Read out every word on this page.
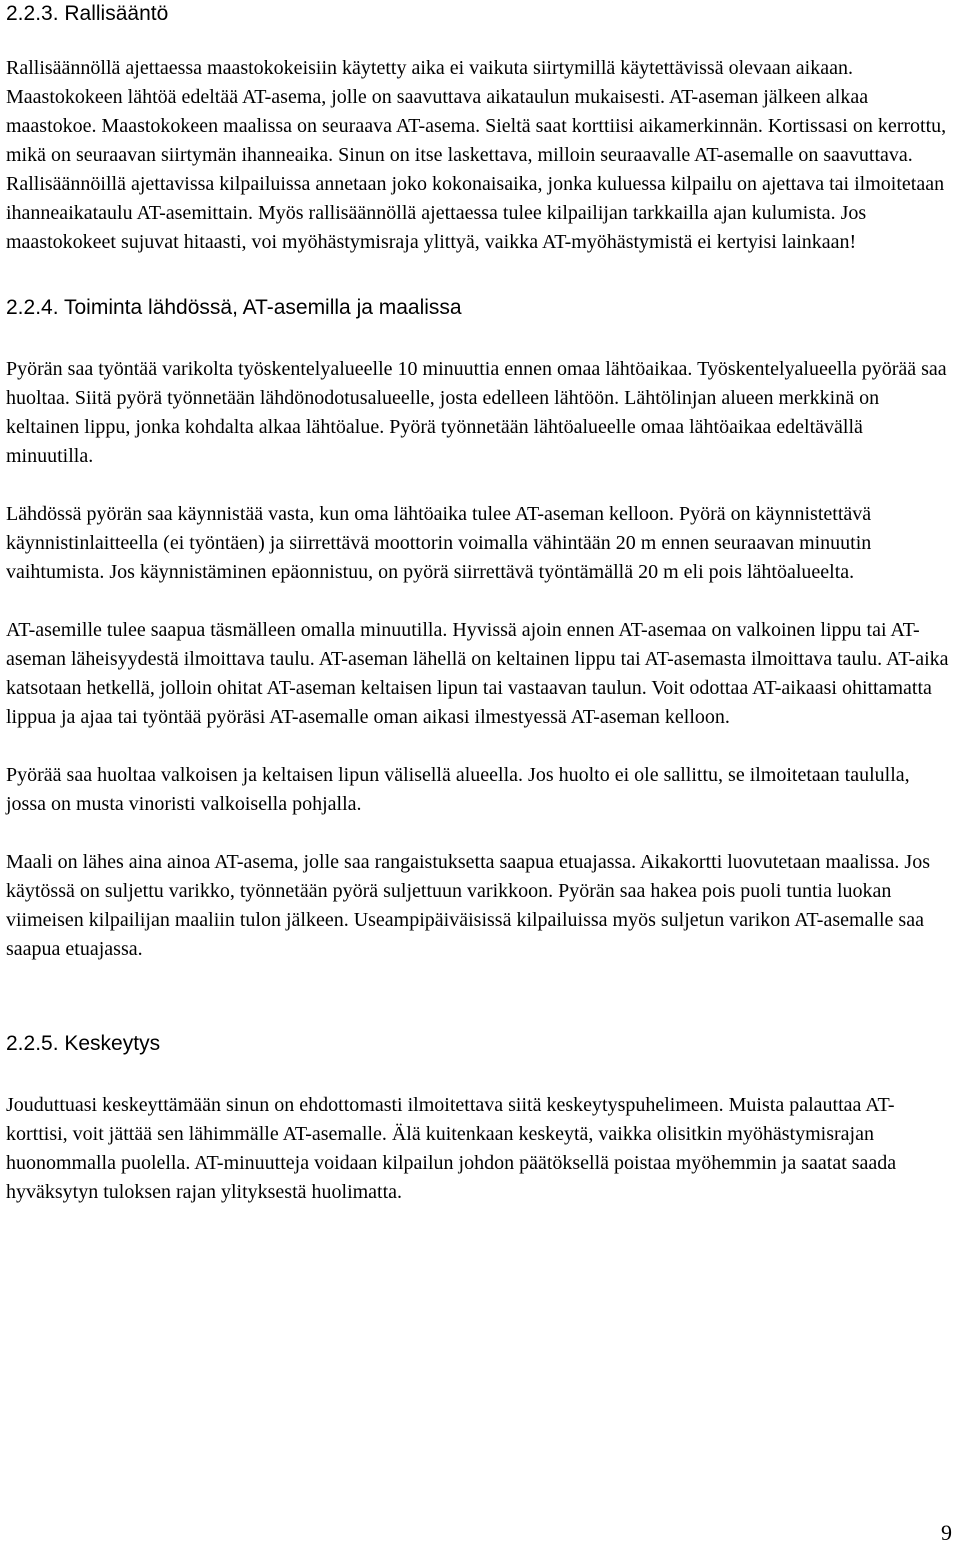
2.2.3. Rallisääntö

Rallisäännöllä ajettaessa maastokokeisiin käytetty aika ei vaikuta siirtymillä käytettävissä olevaan aikaan. Maastokokeen lähtöä edeltää AT-asema, jolle on saavuttava aikataulun mukaisesti. AT-aseman jälkeen alkaa maastokoe. Maastokokeen maalissa on seuraava AT-asema. Sieltä saat korttiisi aikamerkinnän. Kortissasi on kerrottu, mikä on seuraavan siirtymän ihanneaika. Sinun on itse laskettava, milloin seuraavalle AT-asemalle on saavuttava. Rallisäännöillä ajettavissa kilpailuissa annetaan joko kokonaisaika, jonka kuluessa kilpailu on ajettava tai ilmoitetaan ihanneaikataulu AT-asemittain. Myös rallisäännöllä ajettaessa tulee kilpailijan tarkkailla ajan kulumista. Jos maastokokeet sujuvat hitaasti, voi myöhästymisraja ylittyä, vaikka AT-myöhästymistä ei kertyisi lainkaan!

2.2.4. Toiminta lähdössä, AT-asemilla ja maalissa

Pyörän saa työntää varikolta työskentelyalueelle 10 minuuttia ennen omaa lähtöaikaa. Työskentelyalueella pyörää saa huoltaa. Siitä pyörä työnnetään lähdönodotusalueelle, josta edelleen lähtöön. Lähtölinjan alueen merkkinä on keltainen lippu, jonka kohdalta alkaa lähtöalue. Pyörä työnnetään lähtöalueelle omaa lähtöaikaa edeltävällä minuutilla.

Lähdössä pyörän saa käynnistää vasta, kun oma lähtöaika tulee AT-aseman kelloon. Pyörä on käynnistettävä käynnistinlaitteella (ei työntäen) ja siirrettävä moottorin voimalla vähintään 20 m ennen seuraavan minuutin vaihtumista. Jos käynnistäminen epäonnistuu, on pyörä siirrettävä työntämällä 20 m eli pois lähtöalueelta.

AT-asemille tulee saapua täsmälleen omalla minuutilla. Hyvissä ajoin ennen AT-asemaa on valkoinen lippu tai AT-aseman läheisyydestä ilmoittava taulu. AT-aseman lähellä on keltainen lippu tai AT-asemasta ilmoittava taulu. AT-aika katsotaan hetkellä, jolloin ohitat AT-aseman keltaisen lipun tai vastaavan taulun. Voit odottaa AT-aikaasi ohittamatta lippua ja ajaa tai työntää pyöräsi AT-asemalle oman aikasi ilmestyessä AT-aseman kelloon.

Pyörää saa huoltaa valkoisen ja keltaisen lipun välisellä alueella. Jos huolto ei ole sallittu, se ilmoitetaan taululla, jossa on musta vinoristi valkoisella pohjalla.

Maali on lähes aina ainoa AT-asema, jolle saa rangaistuksetta saapua etuajassa. Aikakortti luovutetaan maalissa. Jos käytössä on suljettu varikko, työnnetään pyörä suljettuun varikkoon. Pyörän saa hakea pois puoli tuntia luokan viimeisen kilpailijan maaliin tulon jälkeen. Useampipäiväisissä kilpailuissa myös suljetun varikon AT-asemalle saa saapua etuajassa.

2.2.5. Keskeytys

Jouduttuasi keskeyttämään sinun on ehdottomasti ilmoitettava siitä keskeytyspuhelimeen. Muista palauttaa AT-korttisi, voit jättää sen lähimmälle AT-asemalle. Älä kuitenkaan keskeytä, vaikka olisitkin myöhästymisrajan huonommalla puolella. AT-minuutteja voidaan kilpailun johdon päätöksellä poistaa myöhemmin ja saatat saada hyväksytyn tuloksen rajan ylityksestä huolimatta.

9
